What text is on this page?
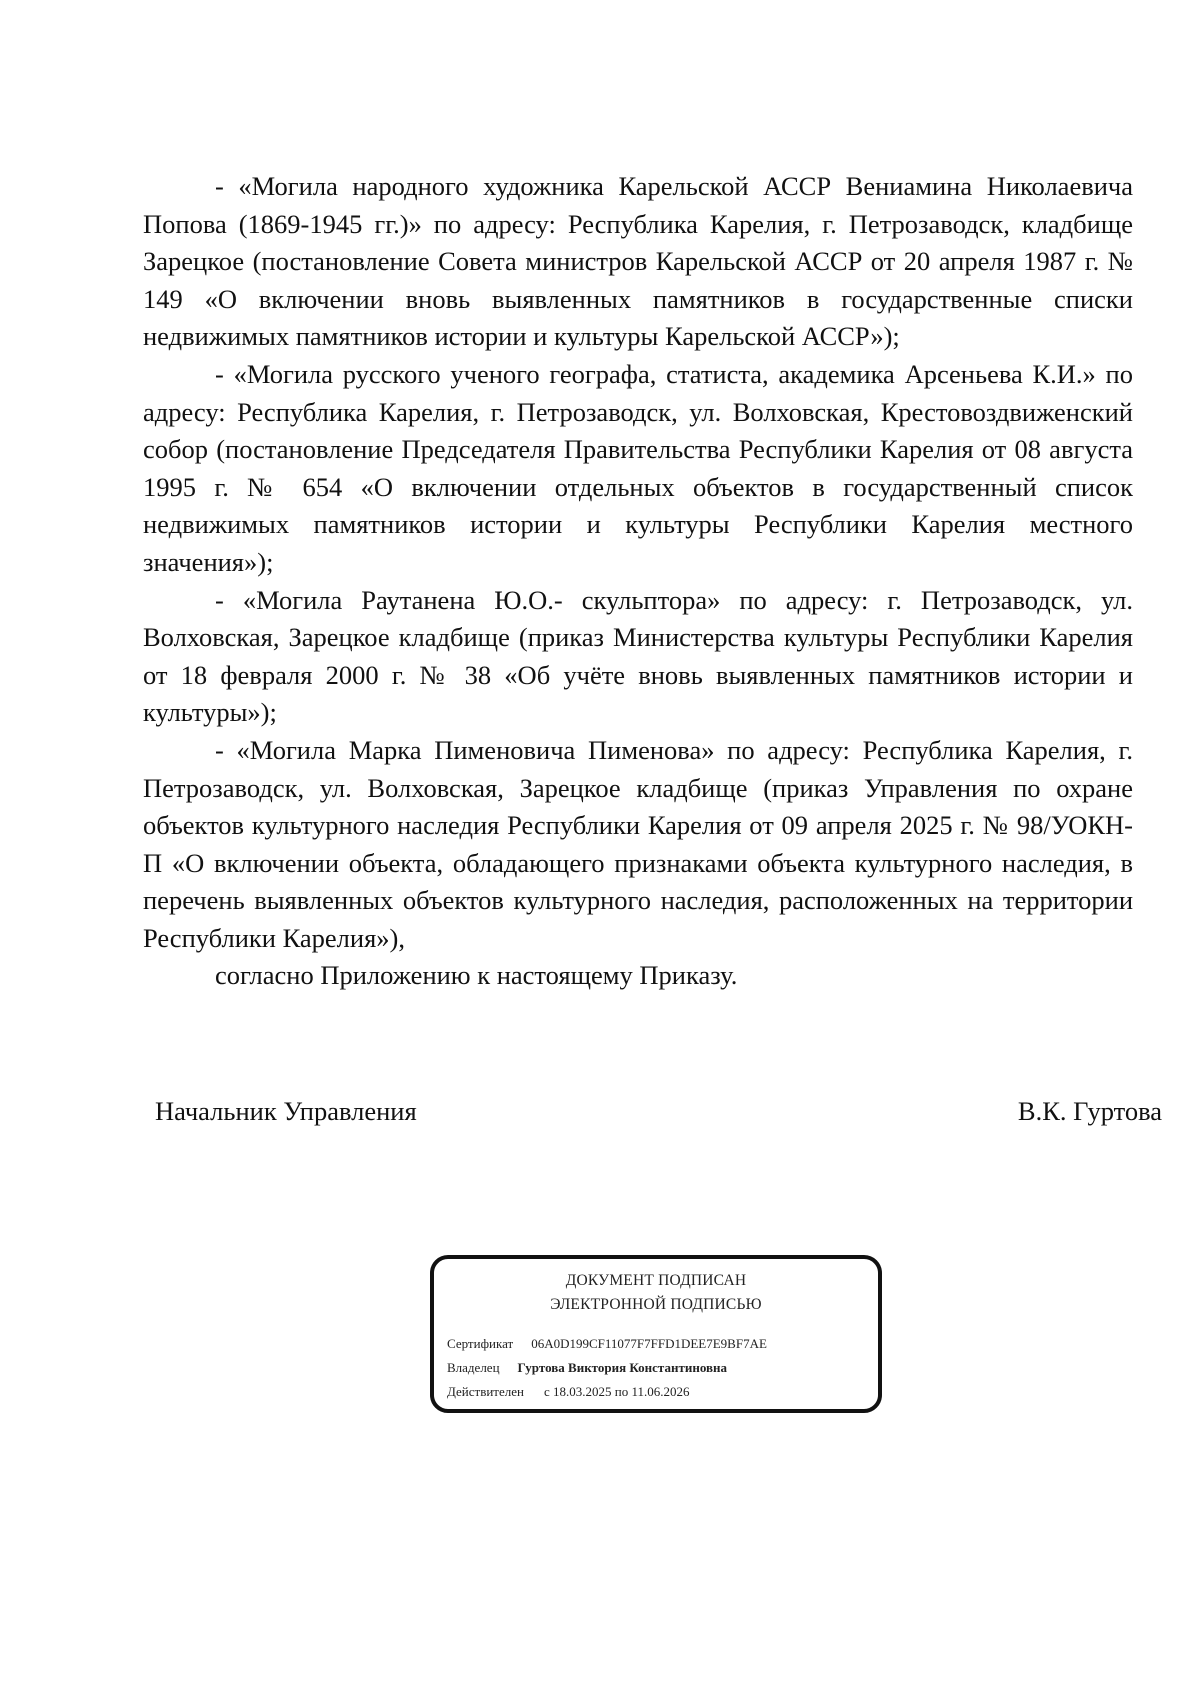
- «Могила народного художника Карельской АССР Вениамина Николаевича Попова (1869-1945 гг.)» по адресу: Республика Карелия, г. Петрозаводск, кладбище Зарецкое (постановление Совета министров Карельской АССР от 20 апреля 1987 г. № 149 «О включении вновь выявленных памятников в государственные списки недвижимых памятников истории и культуры Карельской АССР»);

- «Могила русского ученого географа, статиста, академика Арсеньева К.И.» по адресу: Республика Карелия, г. Петрозаводск, ул. Волховская, Крестовоздвиженский собор (постановление Председателя Правительства Республики Карелия от 08 августа 1995 г. № 654 «О включении отдельных объектов в государственный список недвижимых памятников истории и культуры Республики Карелия местного значения»);

- «Могила Раутанена Ю.О.- скульптора» по адресу: г. Петрозаводск, ул. Волховская, Зарецкое кладбище (приказ Министерства культуры Республики Карелия от 18 февраля 2000 г. № 38 «Об учёте вновь выявленных памятников истории и культуры»);

- «Могила Марка Пименовича Пименова» по адресу: Республика Карелия, г. Петрозаводск, ул. Волховская, Зарецкое кладбище (приказ Управления по охране объектов культурного наследия Республики Карелия от 09 апреля 2025 г. № 98/УОКН-П «О включении объекта, обладающего признаками объекта культурного наследия, в перечень выявленных объектов культурного наследия, расположенных на территории Республики Карелия»),

согласно Приложению к настоящему Приказу.

Начальник Управления	В.К. Гуртова
ДОКУМЕНТ ПОДПИСАН
ЭЛЕКТРОННОЙ ПОДПИСЬЮ
Сертификат 06A0D199CF11077F7FFD1DEE7E9BF7AE
Владелец Гуртова Виктория Константиновна
Действителен с 18.03.2025 по 11.06.2026
